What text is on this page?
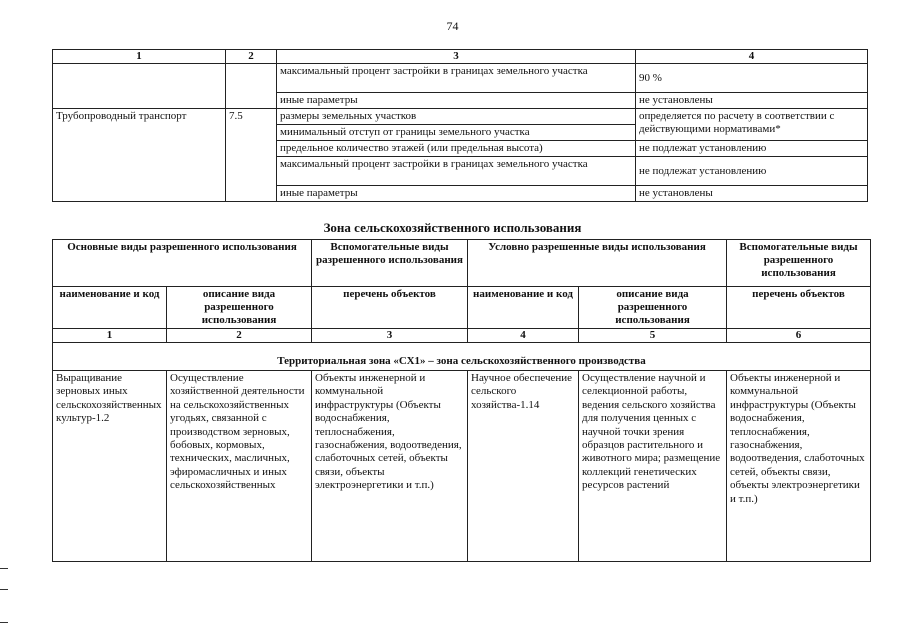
74
1	2	3	4
		максимальный процент застройки в границах земельного участка	90 %
		иные параметры	не установлены
Трубопроводный транспорт	7.5	размеры земельных участков	определяется по расчету в соответствии с действующими нормативами*
		минимальный отступ от границы земельного участка	
		предельное количество этажей (или предельная высота)	не подлежат установлению
		максимальный процент застройки в границах земельного участка	не подлежат установлению
		иные параметры	не установлены
Зона сельскохозяйственного использования
Основные виды разрешенного использования		Вспомогательные виды разрешенного использования	Условно разрешенные виды использования		Вспомогательные виды разрешенного использования
наименование и код	описание вида разрешенного использования	перечень объектов	наименование и код	описание вида разрешенного использования	перечень объектов
1	2	3	4	5	6
Территориальная зона «СХ1» – зона сельскохозяйственного производства					
Выращивание зерновых иных сельскохозяйственных культур-1.2	Осуществление хозяйственной деятельности на сельскохозяйственных угодьях, связанной с производством зерновых, бобовых, кормовых, технических, масличных, эфиромасличных и иных сельскохозяйственных	Объекты инженерной и коммунальной инфраструктуры (Объекты водоснабжения, теплоснабжения, газоснабжения, водоотведения, слаботочных сетей, объекты связи, объекты электроэнергетики и т.п.)	Научное обеспечение сельского хозяйства-1.14	Осуществление научной и селекционной работы, ведения сельского хозяйства для получения ценных с научной точки зрения образцов растительного и животного мира; размещение коллекций генетических ресурсов растений	Объекты инженерной и коммунальной инфраструктуры (Объекты водоснабжения, теплоснабжения, газоснабжения, водоотведения, слаботочных сетей, объекты связи, объекты электроэнергетики и т.п.)
